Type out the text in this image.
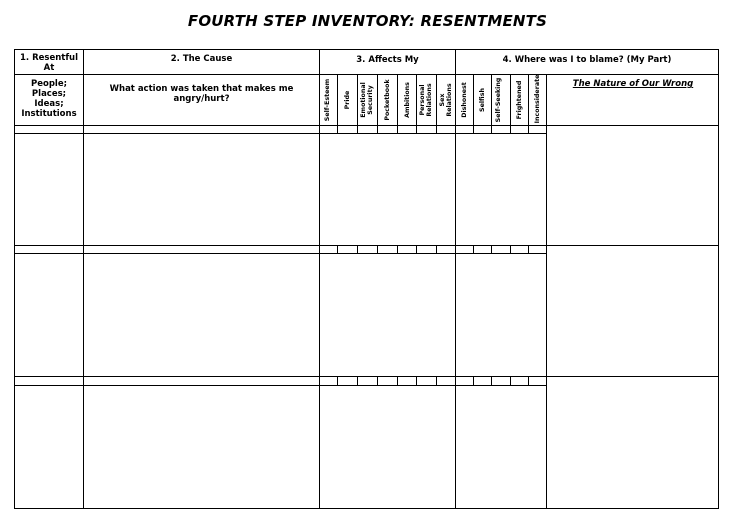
FOURTH STEP INVENTORY: RESENTMENTS
1. Resentful At
People; Places; Ideas; Institutions
2. The Cause
What action was taken that makes me angry/hurt?
3. Affects My	4. Where was I to blame? (My Part)
Self-Esteem Pride Emotional Security Pocketbook Ambitions Personal Relations Sex Relations Dishonest Selfish Self-Seeking Frightened Inconsiderate	The Nature of Our Wrong
